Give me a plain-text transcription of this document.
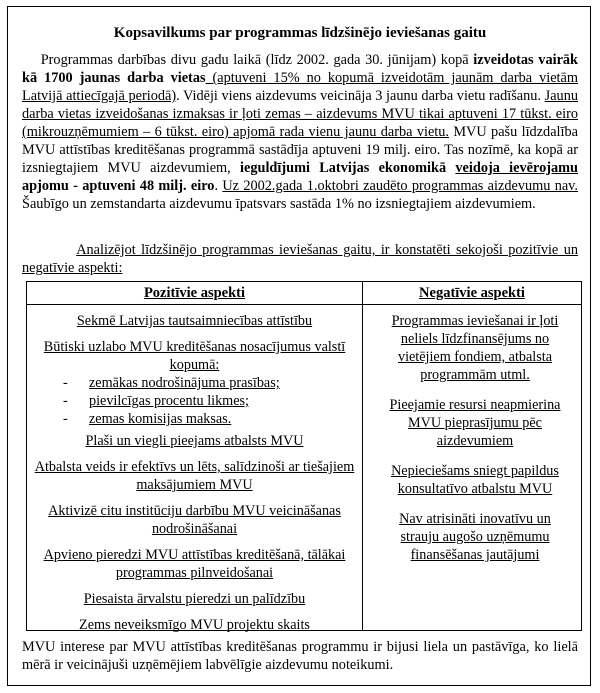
Kopsavilkums par programmas līdzšinējo ieviešanas gaitu
Programmas darbības divu gadu laikā (līdz 2002. gada 30. jūnijam) kopā izveidotas vairāk kā 1700 jaunas darba vietas (aptuveni 15% no kopumā izveidotām jaunām darba vietām Latvijā attiecīgajā periodā). Vidēji viens aizdevums veicināja 3 jaunu darba vietu radīšanu. Jaunu darba vietas izveidošanas izmaksas ir ļoti zemas – aizdevums MVU tikai aptuveni 17 tūkst. eiro (mikrouzņēmumiem – 6 tūkst. eiro) apjomā rada vienu jaunu darba vietu. MVU pašu līdzdalība MVU attīstības kreditēšanas programmā sastādīja aptuveni 19 milj. eiro. Tas nozīmē, ka kopā ar izsniegtajiem MVU aizdevumiem, ieguldījumi Latvijas ekonomikā veidoja ievērojamu apjomu - aptuveni 48 milj. eiro. Uz 2002.gada 1.oktobri zaudēto programmas aizdevumu nav. Šaubīgo un zemstandarta aizdevumu īpatsvars sastāda 1% no izsniegtajiem aizdevumiem.
Analizējot līdzšinējo programmas ieviešanas gaitu, ir konstatēti sekojoši pozitīvie un negatīvie aspekti:
Pozitīvie aspekti	Negatīvie aspekti
Sekmē Latvijas tautsaimniecības attīstību
Būtiski uzlabo MVU kreditēšanas nosacījumus valstī kopumā:
- zemākas nodrošinājuma prasības;
- pievilcīgas procentu likmes;
- zemas komisijas maksas.
Plaši un viegli pieejams atbalsts MVU
Atbalsta veids ir efektīvs un lēts, salīdzinoši ar tiešajiem maksājumiem MVU
Aktivizē citu institūciju darbību MVU veicināšanas nodrošināšanai
Apvieno pieredzi MVU attīstības kreditēšanā, tālākai programmas pilnveidošanai
Piesaista ārvalstu pieredzi un palīdzību
Zems neveiksmīgo MVU projektu skaits
Programmas ieviešanai ir ļoti neliels līdzfinansējums no vietējiem fondiem, atbalsta programmām utml.
Pieejamie resursi neapmierina MVU pieprasījumu pēc aizdevumiem
Nepieciešams sniegt papildus konsultatīvo atbalstu MVU
Nav atrisināti inovatīvu un strauju augošo uzņēmumu finansēšanas jautājumi
MVU interese par MVU attīstības kreditēšanas programmu ir bijusi liela un pastāvīga, ko lielā mērā ir veicinājuši uzņēmējiem labvēlīgie aizdevumu noteikumi.
